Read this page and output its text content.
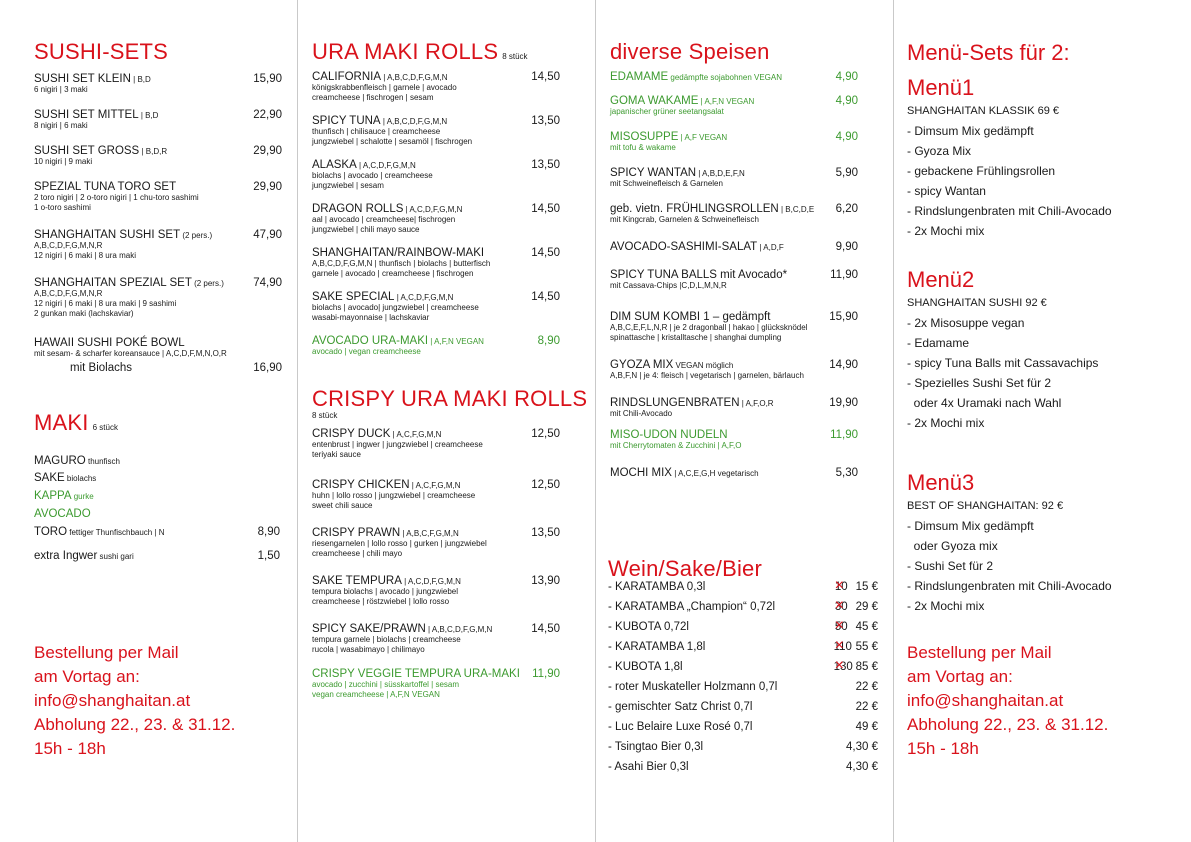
SUSHI-SETS
SUSHI SET KLEIN | B,D	15,90
6 nigiri | 3 maki
SUSHI SET MITTEL | B,D	22,90
8 nigiri | 6 maki
SUSHI SET GROSS | B,D,R	29,90
10 nigiri | 9 maki
SPEZIAL TUNA TORO SET	29,90
2 toro nigiri | 2 o-toro nigiri | 1 chu-toro sashimi
1 o-toro sashimi
SHANGHAITAN SUSHI SET (2 pers.)	47,90
A,B,C,D,F,G,M,N,R
12 nigiri | 6 maki | 8 ura maki
SHANGHAITAN SPEZIAL SET (2 pers.)	74,90
A,B,C,D,F,G,M,N,R
12 nigiri | 6 maki | 8 ura maki | 9 sashimi
2 gunkan maki (lachskaviar)
HAWAII SUSHI POKÉ BOWL
mit sesam- & scharfer koreansauce | A,C,D,F,M,N,O,R
mit Biolachs	16,90
MAKI 6 stück
MAGURO thunfisch
SAKE biolachs
KAPPA gurke
AVOCADO
TORO fettiger Thunfischbauch | N	8,90
extra Ingwer sushi gari	1,50
Bestellung per Mail
am Vortag an:
info@shanghaitan.at
Abholung 22., 23. & 31.12.
15h - 18h
URA MAKI ROLLS 8 stück
CALIFORNIA | A,B,C,D,F,G,M,N	14,50
königskrabbenfleisch | garnele | avocado
creamcheese | fischrogen | sesam
SPICY TUNA | A,B,C,D,F,G,M,N	13,50
thunfisch | chilisauce | creamcheese
jungzwiebel | schalotte | sesamöl | fischrogen
ALASKA | A,C,D,F,G,M,N	13,50
biolachs | avocado | creamcheese
jungzwiebel | sesam
DRAGON ROLLS | A,C,D,F,G,M,N	14,50
aal | avocado | creamcheese| fischrogen
jungzwiebel | chili mayo sauce
SHANGHAITAN/RAINBOW-MAKI	14,50
A,B,C,D,F,G,M,N | thunfisch | biolachs | butterfisch
garnele | avocado | creamcheese | fischrogen
SAKE SPECIAL | A,C,D,F,G,M,N	14,50
biolachs | avocado| jungzwiebel | creamcheese
wasabi-mayonnaise | lachskaviar
AVOCADO URA-MAKI | A,F,N VEGAN	8,90
avocado | vegan creamcheese
CRISPY URA MAKI ROLLS
8 stück
CRISPY DUCK | A,C,F,G,M,N	12,50
entenbrust | ingwer | jungzwiebel | creamcheese
teriyaki sauce
CRISPY CHICKEN | A,C,F,G,M,N	12,50
huhn | lollo rosso | jungzwiebel | creamcheese
sweet chili sauce
CRISPY PRAWN | A,B,C,F,G,M,N	13,50
riesengarnelen | lollo rosso | gurken | jungzwiebel
creamcheese | chili mayo
SAKE TEMPURA | A,C,D,F,G,M,N	13,90
tempura biolachs | avocado | jungzwiebel
creamcheese | röstzwiebel | lollo rosso
SPICY SAKE/PRAWN | A,B,C,D,F,G,M,N	14,50
tempura garnele | biolachs | creamcheese
rucola | wasabimayo | chilimayo
CRISPY VEGGIE TEMPURA URA-MAKI 11,90
avocado | zucchini | süsskartoffel | sesam
vegan creamcheese | A,F,N VEGAN
diverse Speisen
EDAMAME gedämpfte sojabohnen VEGAN	4,90
GOMA WAKAME | A,F,N VEGAN	4,90
japanischer grüner seetangsalat
MISOSUPPE | A,F VEGAN	4,90
mit tofu & wakame
SPICY WANTAN | A,B,D,E,F,N	5,90
mit Schweinefleisch & Garnelen
geb. vietn. FRÜHLINGSROLLEN | B,C,D,E 6,20
mit Kingcrab, Garnelen & Schweinefleisch
AVOCADO-SASHIMI-SALAT | A,D,F	9,90
SPICY TUNA BALLS mit Avocado*	11,90
mit Cassava-Chips |C,D,L,M,N,R
DIM SUM KOMBI 1 – gedämpft	15,90
A,B,C,E,F,L,N,R | je 2 dragonball | hakao | glücksknödel
spinattasche | kristalltasche | shanghai dumpling
GYOZA MIX VEGAN möglich	14,90
A,B,F,N | je 4: fleisch | vegetarisch | garnelen, bärlauch
RINDSLUNGENBRATEN | A,F,O,R	19,90
mit Chili-Avocado
MISO-UDON NUDELN	11,90
mit Cherrytomaten & Zucchini | A,F,O
MOCHI MIX | A,C,E,G,H vegetarisch	5,30
Wein/Sake/Bier
- KARATAMBA 0,3l	10 × 15 €
- KARATAMBA „Champion“ 0,72l	30 × 29 €
- KUBOTA 0,72l	50 × 45 €
- KARATAMBA 1,8l	110 × 55 €
- KUBOTA 1,8l	130 × 85 €
- roter Muskateller Holzmann 0,7l	22 €
- gemischter Satz Christ 0,7l	22 €
- Luc Belaire Luxe Rosé 0,7l	49 €
- Tsingtao Bier 0,3l	4,30 €
- Asahi Bier 0,3l	4,30 €
Menü-Sets für 2:
Menü1
SHANGHAITAN KLASSIK 69 €
- Dimsum Mix gedämpft
- Gyoza Mix
- gebackene Frühlingsrollen
- spicy Wantan
- Rindslungenbraten mit Chili-Avocado
- 2x Mochi mix
Menü2
SHANGHAITAN SUSHI 92 €
- 2x Misosuppe vegan
- Edamame
- spicy Tuna Balls mit Cassavachips
- Spezielles Sushi Set für 2
oder 4x Uramaki nach Wahl
- 2x Mochi mix
Menü3
BEST OF SHANGHAITAN: 92 €
- Dimsum Mix gedämpft
oder Gyoza mix
- Sushi Set für 2
- Rindslungenbraten mit Chili-Avocado
- 2x Mochi mix
Bestellung per Mail
am Vortag an:
info@shanghaitan.at
Abholung 22., 23. & 31.12.
15h - 18h
